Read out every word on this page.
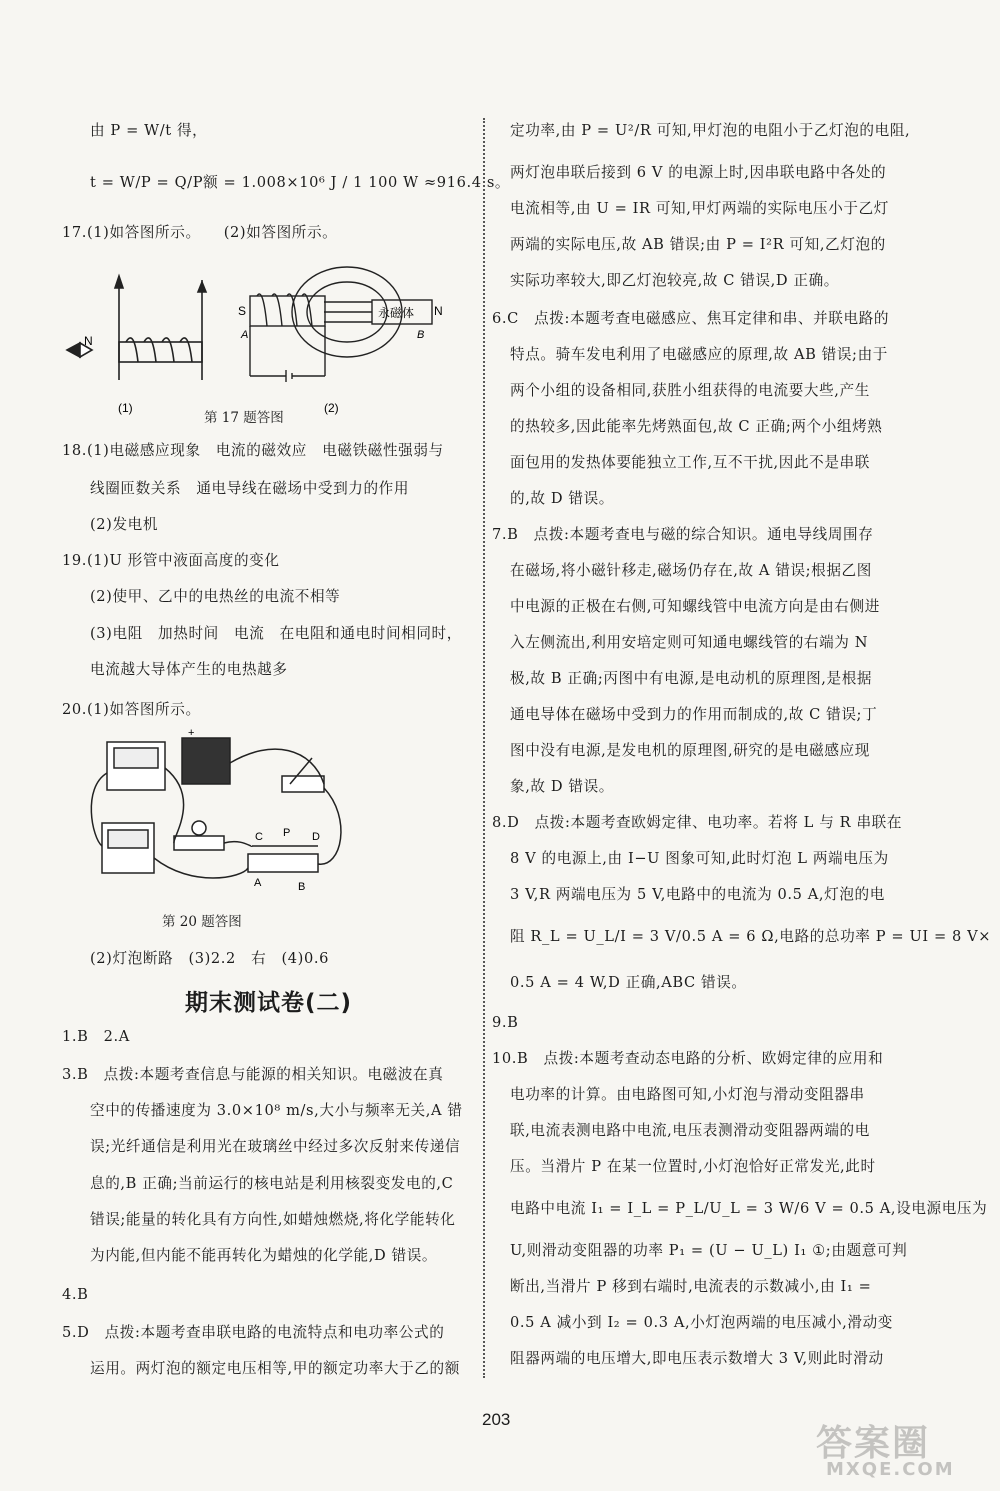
由 P = W/t 得，
t = W/P = Q/P额 = 1.008×10⁶ J / 1 100 W ≈916.4 s。
17.(1)如答图所示。　　(2)如答图所示。
N
(1)
S
A
N
B
永磁体
(2)
第 17 题答图
18.(1)电磁感应现象　电流的磁效应　电磁铁磁性强弱与
线圈匝数关系　通电导线在磁场中受到力的作用
(2)发电机
19.(1)U 形管中液面高度的变化
(2)使甲、乙中的电热丝的电流不相等
(3)电阻　加热时间　电流　在电阻和通电时间相同时，
电流越大导体产生的电热越多
20.(1)如答图所示。
+
C P D
A	B
第 20 题答图
(2)灯泡断路　(3)2.2　右　(4)0.6
期末测试卷(二)
1.B　2.A
3.B　点拨:本题考查信息与能源的相关知识。电磁波在真
空中的传播速度为 3.0×10⁸ m/s,大小与频率无关,A 错
误;光纤通信是利用光在玻璃丝中经过多次反射来传递信
息的,B 正确;当前运行的核电站是利用核裂变发电的,C
错误;能量的转化具有方向性,如蜡烛燃烧,将化学能转化
为内能,但内能不能再转化为蜡烛的化学能,D 错误。
4.B
5.D　点拨:本题考查串联电路的电流特点和电功率公式的
运用。两灯泡的额定电压相等,甲的额定功率大于乙的额
定功率,由 P = U²/R 可知,甲灯泡的电阻小于乙灯泡的电阻,
两灯泡串联后接到 6 V 的电源上时,因串联电路中各处的
电流相等,由 U = IR 可知,甲灯两端的实际电压小于乙灯
两端的实际电压,故 AB 错误;由 P = I²R 可知,乙灯泡的
实际功率较大,即乙灯泡较亮,故 C 错误,D 正确。
6.C　点拨:本题考查电磁感应、焦耳定律和串、并联电路的
特点。骑车发电利用了电磁感应的原理,故 AB 错误;由于
两个小组的设备相同,获胜小组获得的电流要大些,产生
的热较多,因此能率先烤熟面包,故 C 正确;两个小组烤熟
面包用的发热体要能独立工作,互不干扰,因此不是串联
的,故 D 错误。
7.B　点拨:本题考查电与磁的综合知识。通电导线周围存
在磁场,将小磁针移走,磁场仍存在,故 A 错误;根据乙图
中电源的正极在右侧,可知螺线管中电流方向是由右侧进
入左侧流出,利用安培定则可知通电螺线管的右端为 N
极,故 B 正确;丙图中有电源,是电动机的原理图,是根据
通电导体在磁场中受到力的作用而制成的,故 C 错误;丁
图中没有电源,是发电机的原理图,研究的是电磁感应现
象,故 D 错误。
8.D　点拨:本题考查欧姆定律、电功率。若将 L 与 R 串联在
8 V 的电源上,由 I−U 图象可知,此时灯泡 L 两端电压为
3 V,R 两端电压为 5 V,电路中的电流为 0.5 A,灯泡的电
阻 R_L = U_L/I = 3 V/0.5 A = 6 Ω,电路的总功率 P = UI = 8 V×
0.5 A = 4 W,D 正确,ABC 错误。
9.B
10.B　点拨:本题考查动态电路的分析、欧姆定律的应用和
电功率的计算。由电路图可知,小灯泡与滑动变阻器串
联,电流表测电路中电流,电压表测滑动变阻器两端的电
压。当滑片 P 在某一位置时,小灯泡恰好正常发光,此时
电路中电流 I₁ = I_L = P_L/U_L = 3 W/6 V = 0.5 A,设电源电压为
U,则滑动变阻器的功率 P₁ = (U − U_L) I₁ ①;由题意可判
断出,当滑片 P 移到右端时,电流表的示数减小,由 I₁ =
0.5 A 减小到 I₂ = 0.3 A,小灯泡两端的电压减小,滑动变
阻器两端的电压增大,即电压表示数增大 3 V,则此时滑动
203
答案圈
MXQE.COM
